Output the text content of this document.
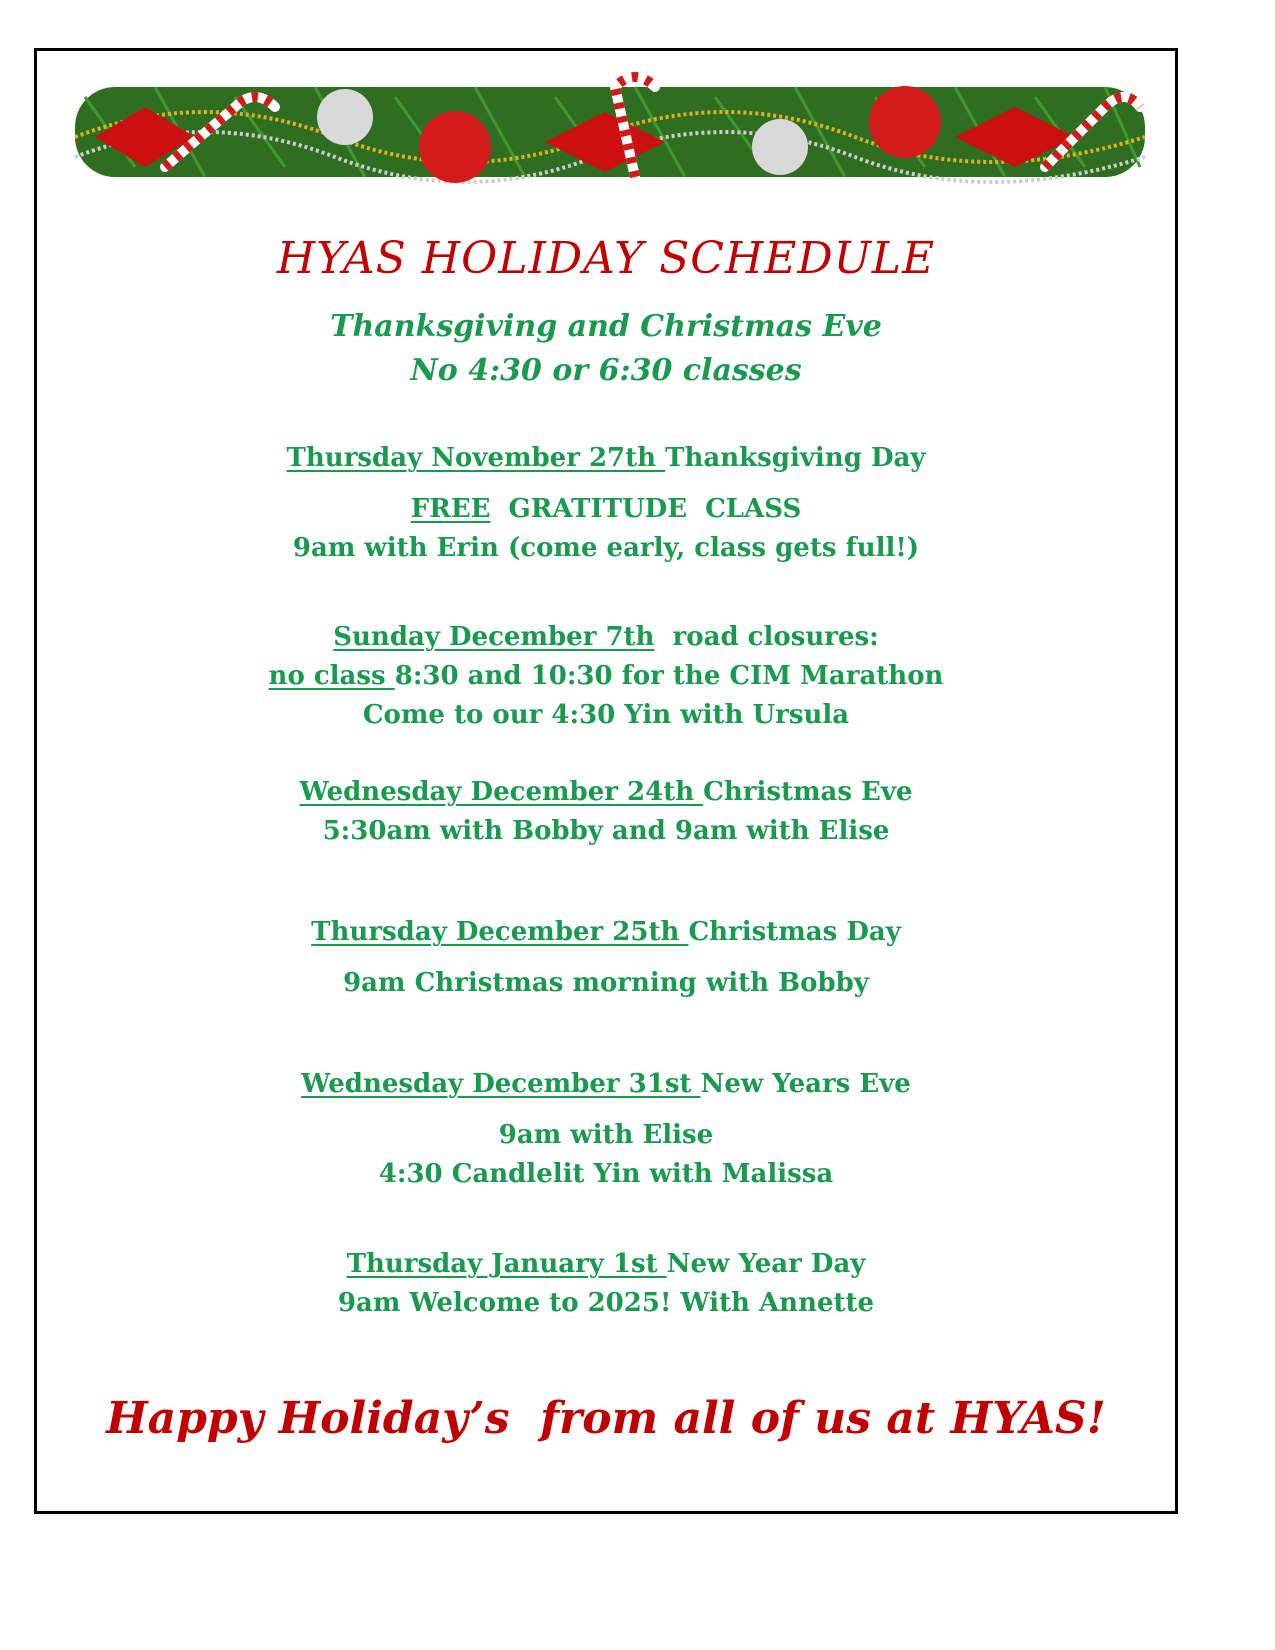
HYAS HOLIDAY SCHEDULE
Thanksgiving and Christmas Eve
No 4:30 or 6:30 classes
Thursday November 27th Thanksgiving Day
FREE  GRATITUDE  CLASS
9am with Erin (come early, class gets full!)
Sunday December 7th  road closures:
no class 8:30 and 10:30 for the CIM Marathon
Come to our 4:30 Yin with Ursula
Wednesday December 24th Christmas Eve
5:30am with Bobby and 9am with Elise
Thursday December 25th Christmas Day
9am Christmas morning with Bobby
Wednesday December 31st New Years Eve
9am with Elise
4:30 Candlelit Yin with Malissa
Thursday January 1st New Year Day
9am Welcome to 2025! With Annette
Happy Holiday’s  from all of us at HYAS!
